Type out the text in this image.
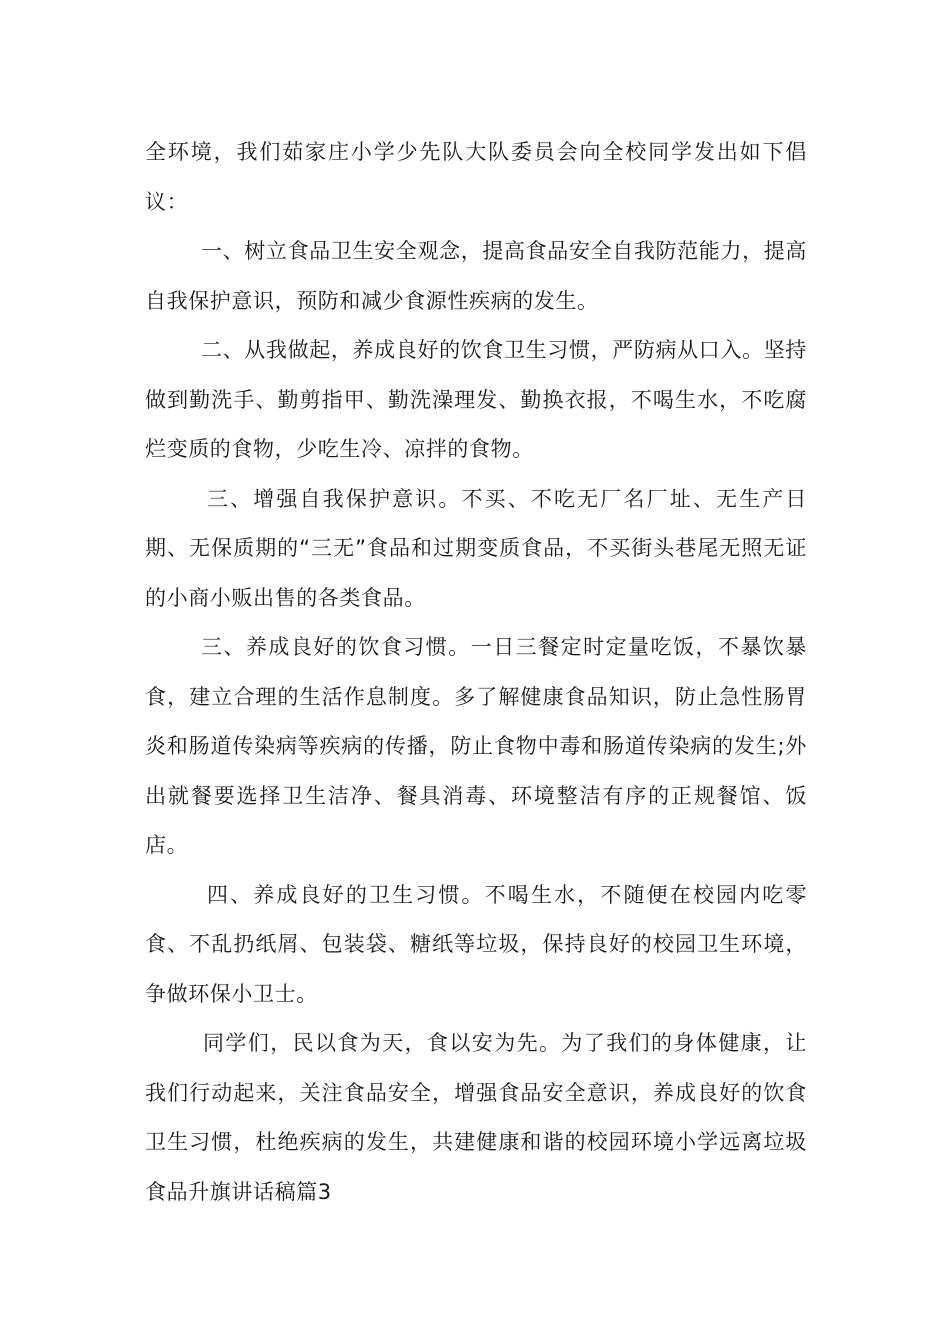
全环境，我们茹家庄小学少先队大队委员会向全校同学发出如下倡议：

一、树立食品卫生安全观念，提高食品安全自我防范能力，提高自我保护意识，预防和减少食源性疾病的发生。

二、从我做起，养成良好的饮食卫生习惯，严防病从口入。坚持做到勤洗手、勤剪指甲、勤洗澡理发、勤换衣报，不喝生水，不吃腐烂变质的食物，少吃生冷、凉拌的食物。

三、增强自我保护意识。不买、不吃无厂名厂址、无生产日期、无保质期的“三无”食品和过期变质食品，不买街头巷尾无照无证的小商小贩出售的各类食品。

三、养成良好的饮食习惯。一日三餐定时定量吃饭，不暴饮暴食，建立合理的生活作息制度。多了解健康食品知识，防止急性肠胃炎和肠道传染病等疾病的传播，防止食物中毒和肠道传染病的发生;外出就餐要选择卫生洁净、餐具消毒、环境整洁有序的正规餐馆、饭店。

四、养成良好的卫生习惯。不喝生水，不随便在校园内吃零食、不乱扔纸屑、包装袋、糖纸等垃圾，保持良好的校园卫生环境，争做环保小卫士。

同学们，民以食为天，食以安为先。为了我们的身体健康，让我们行动起来，关注食品安全，增强食品安全意识，养成良好的饮食卫生习惯，杜绝疾病的发生，共建健康和谐的校园环境小学远离垃圾食品升旗讲话稿篇3
